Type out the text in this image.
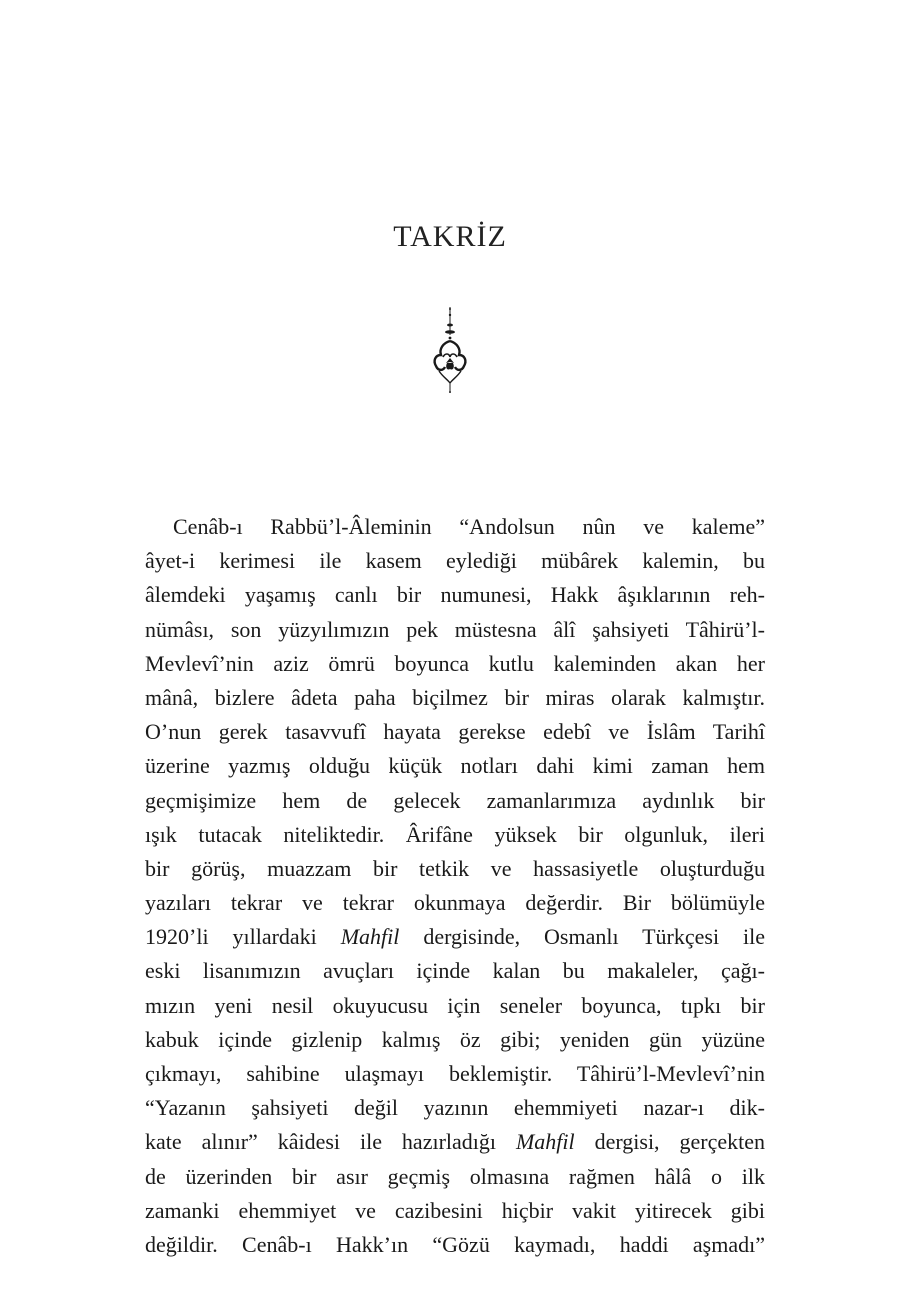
TAKRİZ
Cenâb-ı Rabbü’l-Âleminin “Andolsun nûn ve kaleme”
âyet-i kerimesi ile kasem eylediği mübârek kalemin, bu
âlemdeki yaşamış canlı bir numunesi, Hakk âşıklarının reh-
nümâsı, son yüzyılımızın pek müstesna âlî şahsiyeti Tâhirü’l-
Mevlevî’nin aziz ömrü boyunca kutlu kaleminden akan her
mânâ, bizlere âdeta paha biçilmez bir miras olarak kalmıştır.
O’nun gerek tasavvufî hayata gerekse edebî ve İslâm Tarihî
üzerine yazmış olduğu küçük notları dahi kimi zaman hem
geçmişimize hem de gelecek zamanlarımıza aydınlık bir
ışık tutacak niteliktedir. Ârifâne yüksek bir olgunluk, ileri
bir görüş, muazzam bir tetkik ve hassasiyetle oluşturduğu
yazıları tekrar ve tekrar okunmaya değerdir. Bir bölümüyle
1920’li yıllardaki Mahfil dergisinde, Osmanlı Türkçesi ile
eski lisanımızın avuçları içinde kalan bu makaleler, çağı-
mızın yeni nesil okuyucusu için seneler boyunca, tıpkı bir
kabuk içinde gizlenip kalmış öz gibi; yeniden gün yüzüne
çıkmayı, sahibine ulaşmayı beklemiştir. Tâhirü’l-Mevlevî’nin
“Yazanın şahsiyeti değil yazının ehemmiyeti nazar-ı dik-
kate alınır” kâidesi ile hazırladığı Mahfil dergisi, gerçekten
de üzerinden bir asır geçmiş olmasına rağmen hâlâ o ilk
zamanki ehemmiyet ve cazibesini hiçbir vakit yitirecek gibi
değildir. Cenâb-ı Hakk’ın “Gözü kaymadı, haddi aşmadı”
